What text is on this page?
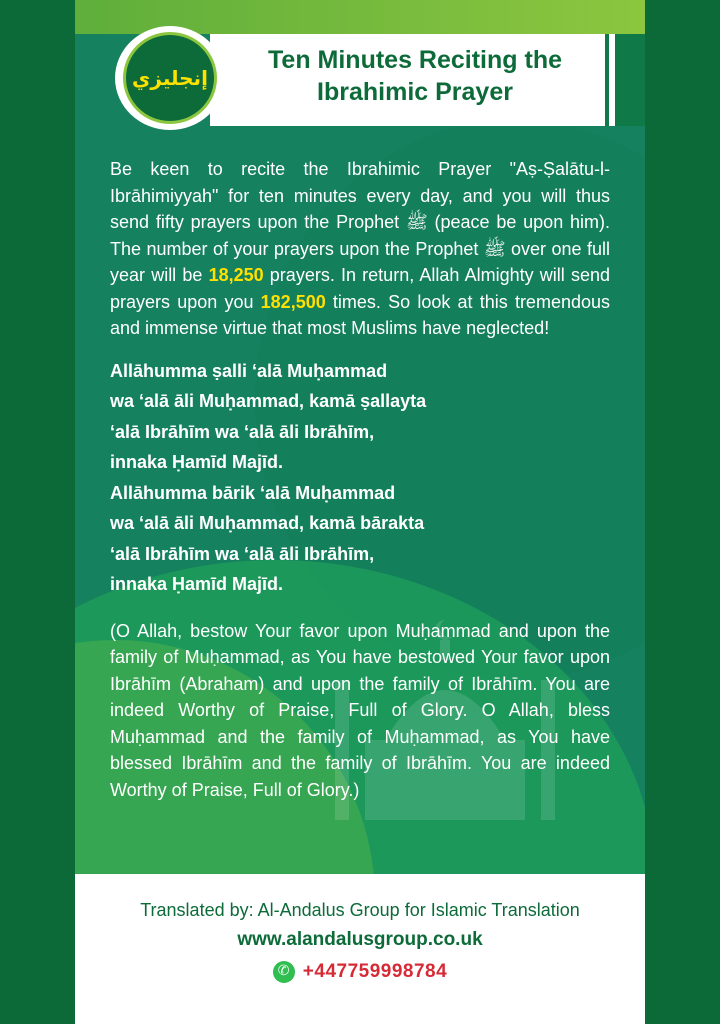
Ten Minutes Reciting the Ibrahimic Prayer
إنجليزي

Be keen to recite the Ibrahimic Prayer "Aṣ-Ṣalātu-l-Ibrāhimiyyah" for ten minutes every day, and you will thus send fifty prayers upon the Prophet ﷺ (peace be upon him). The number of your prayers upon the Prophet ﷺ over one full year will be 18,250 prayers. In return, Allah Almighty will send prayers upon you 182,500 times. So look at this tremendous and immense virtue that most Muslims have neglected!

Allāhumma ṣalli ‘alā Muḥammad
wa ‘alā āli Muḥammad, kamā ṣallayta
‘alā Ibrāhīm wa ‘alā āli Ibrāhīm,
innaka Ḥamīd Majīd.
Allāhumma bārik ‘alā Muḥammad
wa ‘alā āli Muḥammad, kamā bārakta
‘alā Ibrāhīm wa ‘alā āli Ibrāhīm,
innaka Ḥamīd Majīd.
(O Allah, bestow Your favor upon Muḥammad and upon the family of Muḥammad, as You have bestowed Your favor upon Ibrāhīm (Abraham) and upon the family of Ibrāhīm. You are indeed Worthy of Praise, Full of Glory. O Allah, bless Muḥammad and the family of Muḥammad, as You have blessed Ibrāhīm and the family of Ibrāhīm. You are indeed Worthy of Praise, Full of Glory.)
Translated by: Al-Andalus Group for Islamic Translation
www.alandalusgroup.co.uk
✆
+447759998784
